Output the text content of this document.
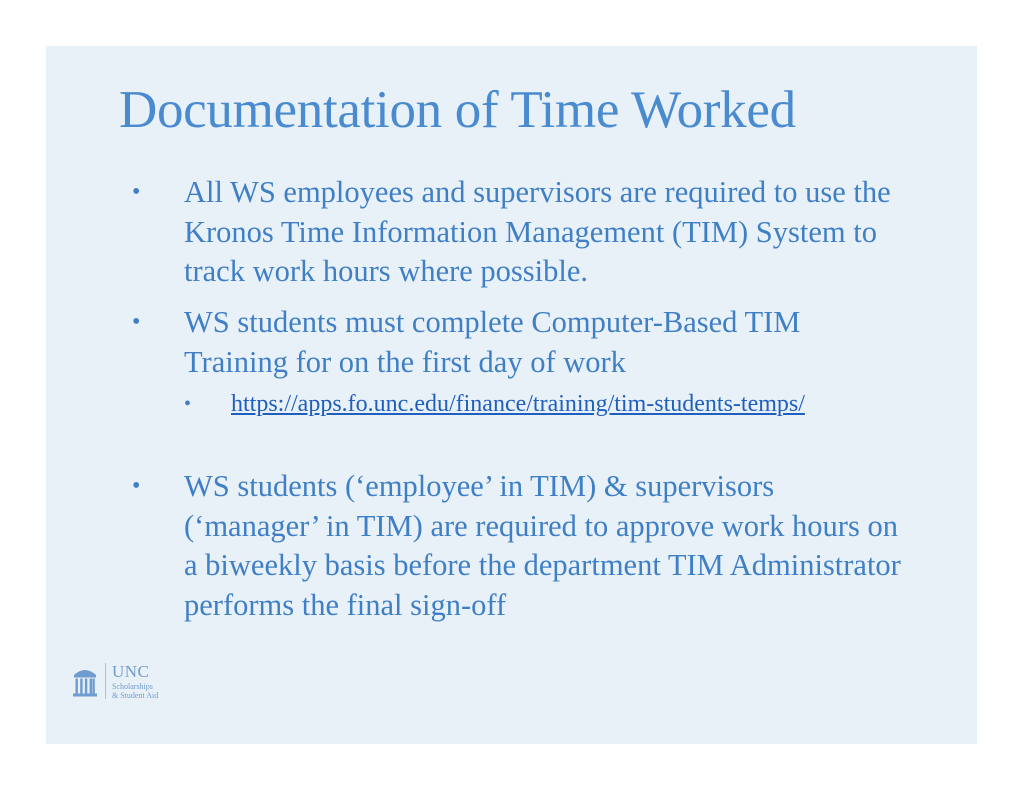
Documentation of Time Worked
• All WS employees and supervisors are required to use the Kronos Time Information Management (TIM) System to track work hours where possible.
• WS students must complete Computer-Based TIM Training for on the first day of work
• WS students (‘employee’ in TIM) & supervisors (‘manager’ in TIM) are required to approve work hours on a biweekly basis before the department TIM Administrator performs the final sign-off
• https://apps.fo.unc.edu/finance/training/tim-students-temps/
UNC
Scholarships
& Student Aid
